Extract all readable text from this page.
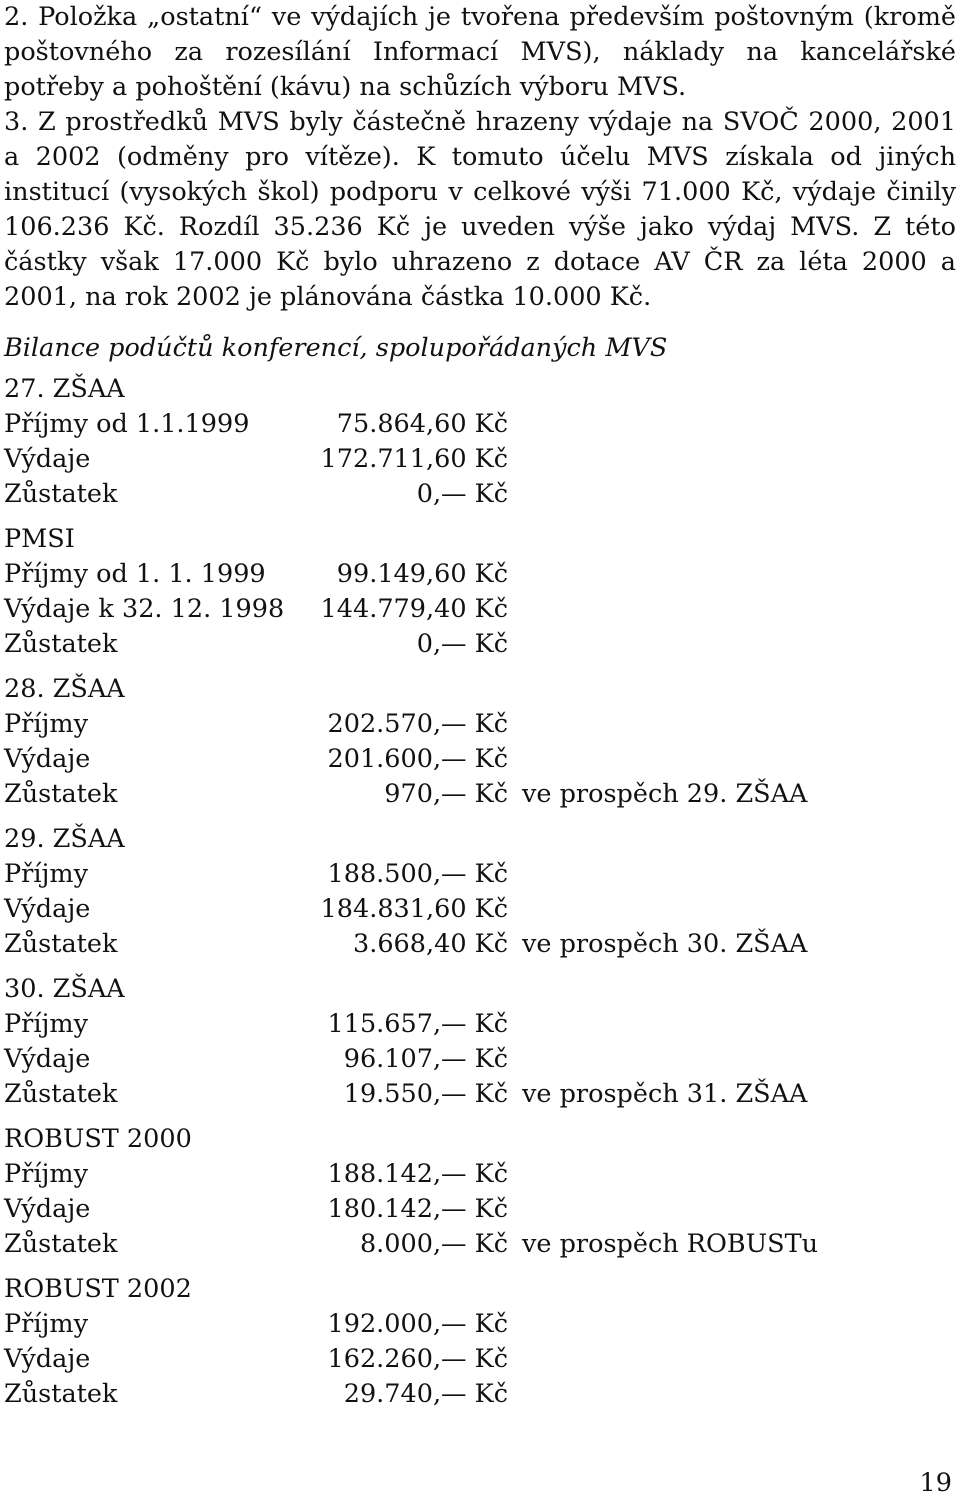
2. Položka „ostatní“ ve výdajích je tvořena především poštovným (kromě poštovného za rozesílání Informací MVS), náklady na kancelářské potřeby a pohoštění (kávu) na schůzích výboru MVS.

3. Z prostředků MVS byly částečně hrazeny výdaje na SVOČ 2000, 2001 a 2002 (odměny pro vítěze). K tomuto účelu MVS získala od jiných institucí (vysokých škol) podporu v celkové výši 71.000 Kč, výdaje činily 106.236 Kč. Rozdíl 35.236 Kč je uveden výše jako výdaj MVS. Z této částky však 17.000 Kč bylo uhrazeno z dotace AV ČR za léta 2000 a 2001, na rok 2002 je plánována částka 10.000 Kč.

Bilance podúčtů konferencí, spolupořádaných MVS
27. ZŠAA
Příjmy od 1.1.1999	75.864,60 Kč
Výdaje	172.711,60 Kč
Zůstatek	0,— Kč
PMSI
Příjmy od 1. 1. 1999	99.149,60 Kč
Výdaje k 32. 12. 1998	144.779,40 Kč
Zůstatek	0,— Kč
28. ZŠAA
Příjmy	202.570,— Kč
Výdaje	201.600,— Kč
Zůstatek	970,— Kč ve prospěch 29. ZŠAA
29. ZŠAA
Příjmy	188.500,— Kč
Výdaje	184.831,60 Kč
Zůstatek	3.668,40 Kč ve prospěch 30. ZŠAA
30. ZŠAA
Příjmy	115.657,— Kč
Výdaje	96.107,— Kč
Zůstatek	19.550,— Kč ve prospěch 31. ZŠAA
ROBUST 2000
Příjmy	188.142,— Kč
Výdaje	180.142,— Kč
Zůstatek	8.000,— Kč ve prospěch ROBUSTu
ROBUST 2002
Příjmy	192.000,— Kč
Výdaje	162.260,— Kč
Zůstatek	29.740,— Kč
19
